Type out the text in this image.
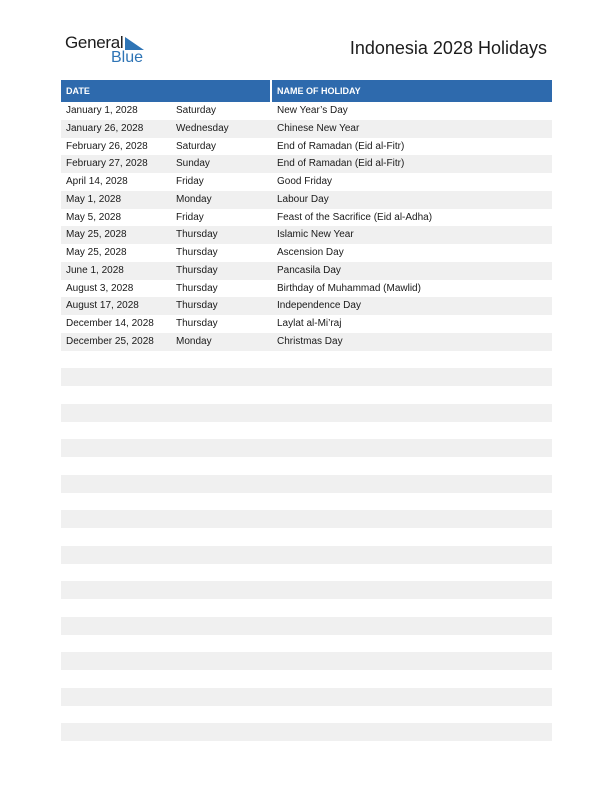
General
Blue	Indonesia 2028 Holidays
DATE	NAME OF HOLIDAY
January 1, 2028	Saturday	New Year’s Day
January 26, 2028	Wednesday	Chinese New Year
February 26, 2028	Saturday	End of Ramadan (Eid al-Fitr)
February 27, 2028	Sunday	End of Ramadan (Eid al-Fitr)
April 14, 2028	Friday	Good Friday
May 1, 2028	Monday	Labour Day
May 5, 2028	Friday	Feast of the Sacrifice (Eid al-Adha)
May 25, 2028	Thursday	Islamic New Year
May 25, 2028	Thursday	Ascension Day
June 1, 2028	Thursday	Pancasila Day
August 3, 2028	Thursday	Birthday of Muhammad (Mawlid)
August 17, 2028	Thursday	Independence Day
December 14, 2028 Thursday	Laylat al-Mi’raj
December 25, 2028 Monday	Christmas Day
